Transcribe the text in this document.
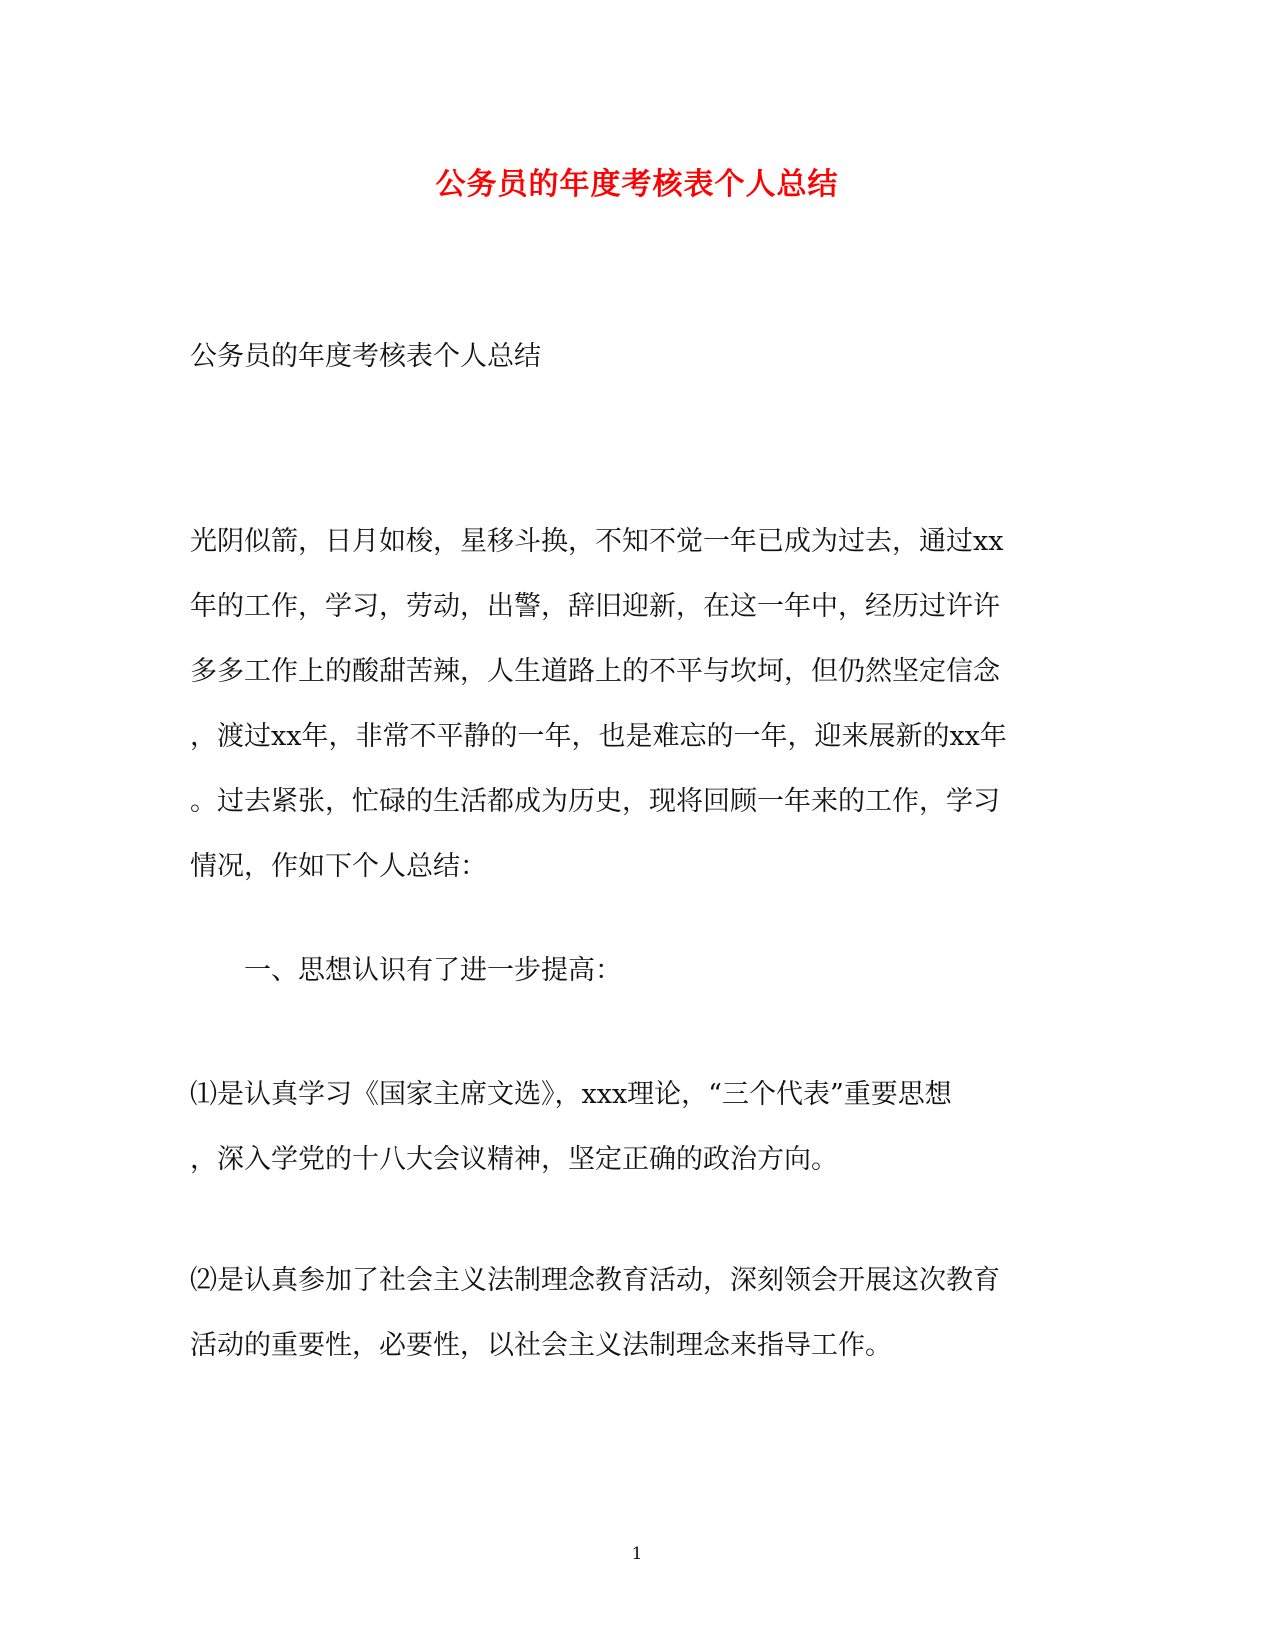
公务员的年度考核表个人总结
公务员的年度考核表个人总结
光阴似箭，日月如梭，星移斗换，不知不觉一年已成为过去，通过xx
年的工作，学习，劳动，出警，辞旧迎新，在这一年中，经历过许许
多多工作上的酸甜苦辣，人生道路上的不平与坎坷，但仍然坚定信念
，渡过xx年，非常不平静的一年，也是难忘的一年，迎来展新的xx年
。过去紧张，忙碌的生活都成为历史，现将回顾一年来的工作，学习
情况，作如下个人总结：
一、思想认识有了进一步提高：
⑴是认真学习《国家主席文选》，xxx理论，“三个代表”重要思想
，深入学党的十八大会议精神，坚定正确的政治方向。
⑵是认真参加了社会主义法制理念教育活动，深刻领会开展这次教育
活动的重要性，必要性，以社会主义法制理念来指导工作。
1
